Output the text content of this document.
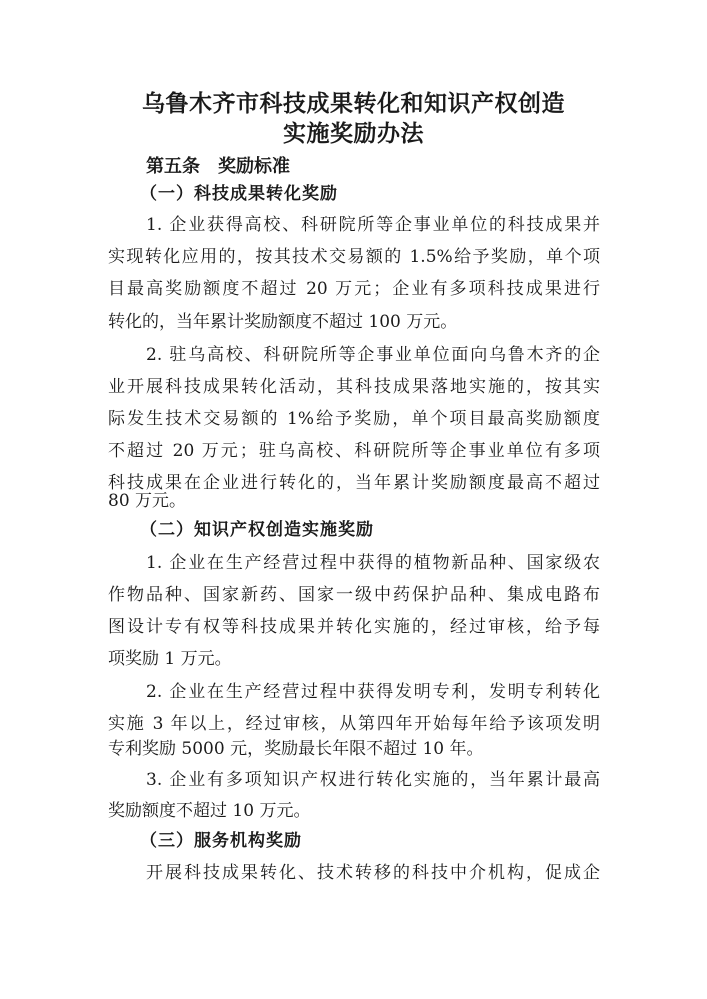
乌鲁木齐市科技成果转化和知识产权创造
实施奖励办法
第五条　奖励标准
（一）科技成果转化奖励

1. 企业获得高校、科研院所等企事业单位的科技成果并

实现转化应用的，按其技术交易额的 1.5%给予奖励，单个项

目最高奖励额度不超过 20 万元；企业有多项科技成果进行

转化的，当年累计奖励额度不超过 100 万元。

2. 驻乌高校、科研院所等企事业单位面向乌鲁木齐的企

业开展科技成果转化活动，其科技成果落地实施的，按其实

际发生技术交易额的 1%给予奖励，单个项目最高奖励额度

不超过 20 万元；驻乌高校、科研院所等企事业单位有多项

科技成果在企业进行转化的，当年累计奖励额度最高不超过

80 万元。

（二）知识产权创造实施奖励

1. 企业在生产经营过程中获得的植物新品种、国家级农

作物品种、国家新药、国家一级中药保护品种、集成电路布

图设计专有权等科技成果并转化实施的，经过审核，给予每

项奖励 1 万元。

2. 企业在生产经营过程中获得发明专利，发明专利转化

实施 3 年以上，经过审核，从第四年开始每年给予该项发明

专利奖励 5000 元，奖励最长年限不超过 10 年。

3. 企业有多项知识产权进行转化实施的，当年累计最高

奖励额度不超过 10 万元。

（三）服务机构奖励

开展科技成果转化、技术转移的科技中介机构，促成企
